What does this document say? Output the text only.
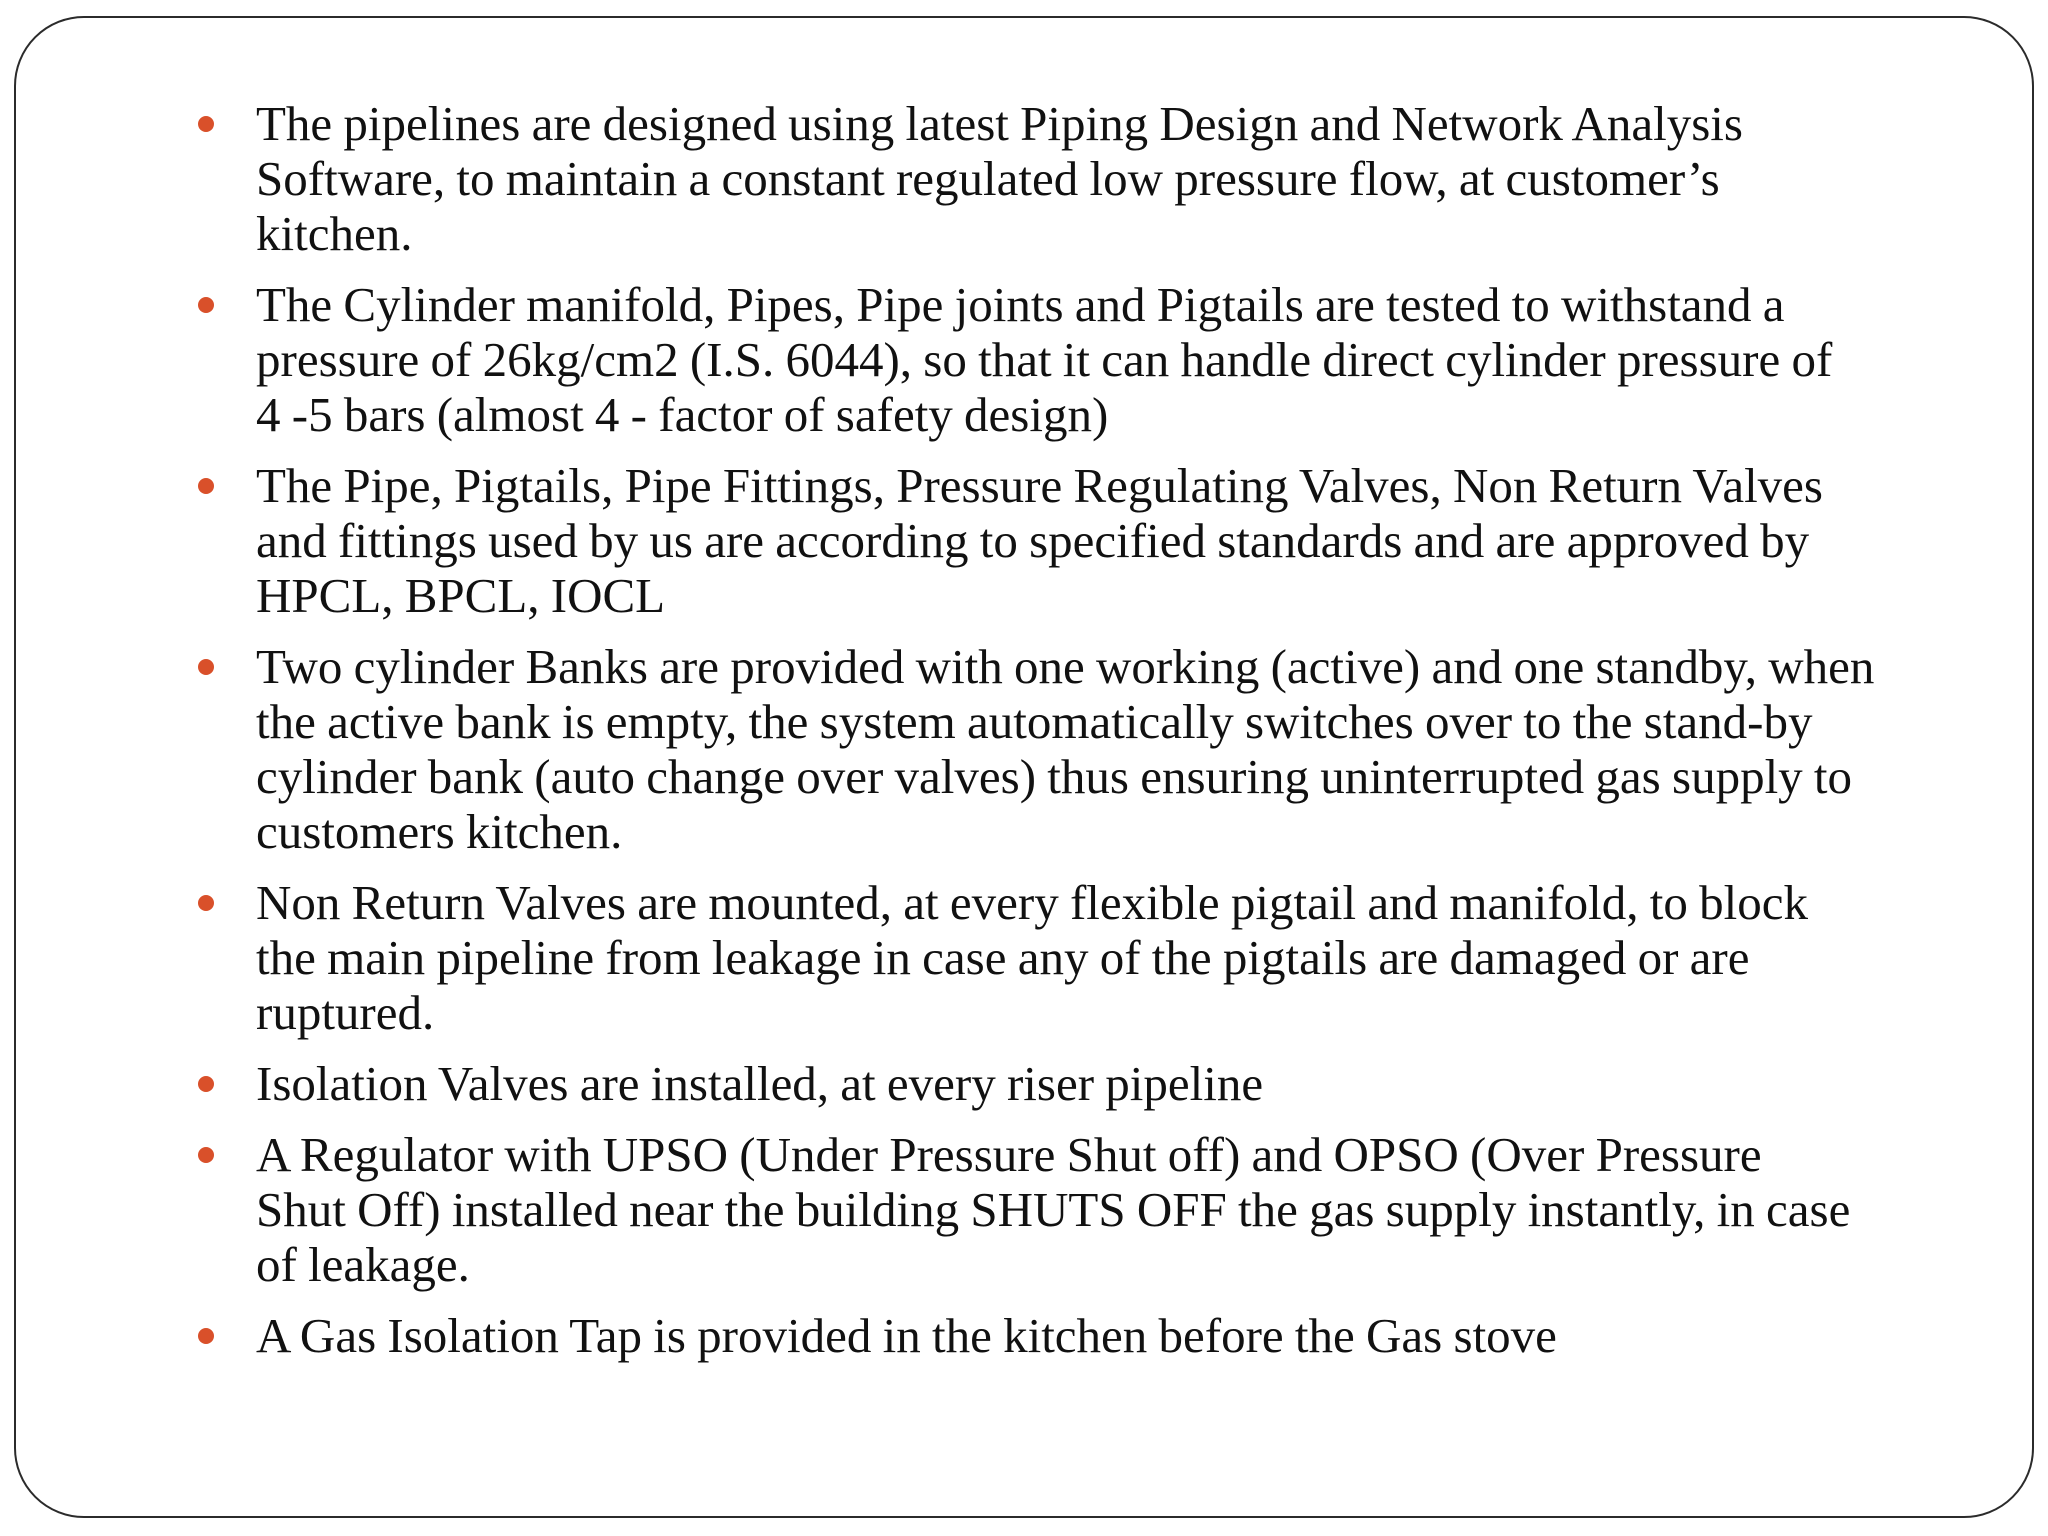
The pipelines are designed using latest Piping Design and Network Analysis
Software, to maintain a constant regulated low pressure flow, at customer’s
kitchen.
The Cylinder manifold, Pipes, Pipe joints and Pigtails are tested to withstand a
pressure of 26kg/cm2 (I.S. 6044), so that it can handle direct cylinder pressure of
4 -5 bars (almost 4 - factor of safety design)
The Pipe, Pigtails, Pipe Fittings, Pressure Regulating Valves, Non Return Valves
and fittings used by us are according to specified standards and are approved by
HPCL, BPCL, IOCL
Two cylinder Banks are provided with one working (active) and one standby, when
the active bank is empty, the system automatically switches over to the stand-by
cylinder bank (auto change over valves) thus ensuring uninterrupted gas supply to
customers kitchen.
Non Return Valves are mounted, at every flexible pigtail and manifold, to block
the main pipeline from leakage in case any of the pigtails are damaged or are
ruptured.
Isolation Valves are installed, at every riser pipeline
A Regulator with UPSO (Under Pressure Shut off) and OPSO (Over Pressure
Shut Off) installed near the building SHUTS OFF the gas supply instantly, in case
of leakage.
A Gas Isolation Tap is provided in the kitchen before the Gas stove
